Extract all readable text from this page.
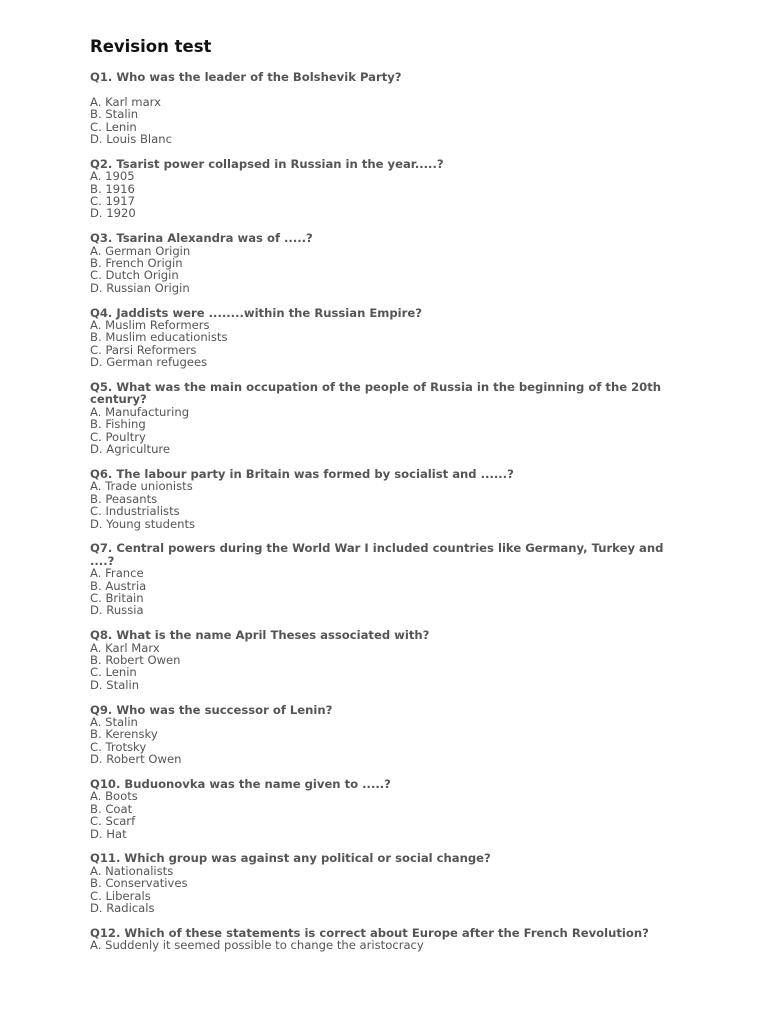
Revision test
Q1. Who was the leader of the Bolshevik Party?
A. Karl marx
B. Stalin
C. Lenin
D. Louis Blanc
Q2. Tsarist power collapsed in Russian in the year.....?
A. 1905
B. 1916
C. 1917
D. 1920
Q3. Tsarina Alexandra was of .....?
A. German Origin
B. French Origin
C. Dutch Origin
D. Russian Origin
Q4. Jaddists were ........within the Russian Empire?
A. Muslim Reformers
B. Muslim educationists
C. Parsi Reformers
D. German refugees
Q5. What was the main occupation of the people of Russia in the beginning of the 20th century?
A. Manufacturing
B. Fishing
C. Poultry
D. Agriculture
Q6. The labour party in Britain was formed by socialist and ......?
A. Trade unionists
B. Peasants
C. Industrialists
D. Young students
Q7. Central powers during the World War I included countries like Germany, Turkey and ....?
A. France
B. Austria
C. Britain
D. Russia
Q8. What is the name April Theses associated with?
A. Karl Marx
B. Robert Owen
C. Lenin
D. Stalin
Q9. Who was the successor of Lenin?
A. Stalin
B. Kerensky
C. Trotsky
D. Robert Owen
Q10. Buduonovka was the name given to .....?
A. Boots
B. Coat
C. Scarf
D. Hat
Q11. Which group was against any political or social change?
A. Nationalists
B. Conservatives
C. Liberals
D. Radicals
Q12. Which of these statements is correct about Europe after the French Revolution?
A. Suddenly it seemed possible to change the aristocracy
